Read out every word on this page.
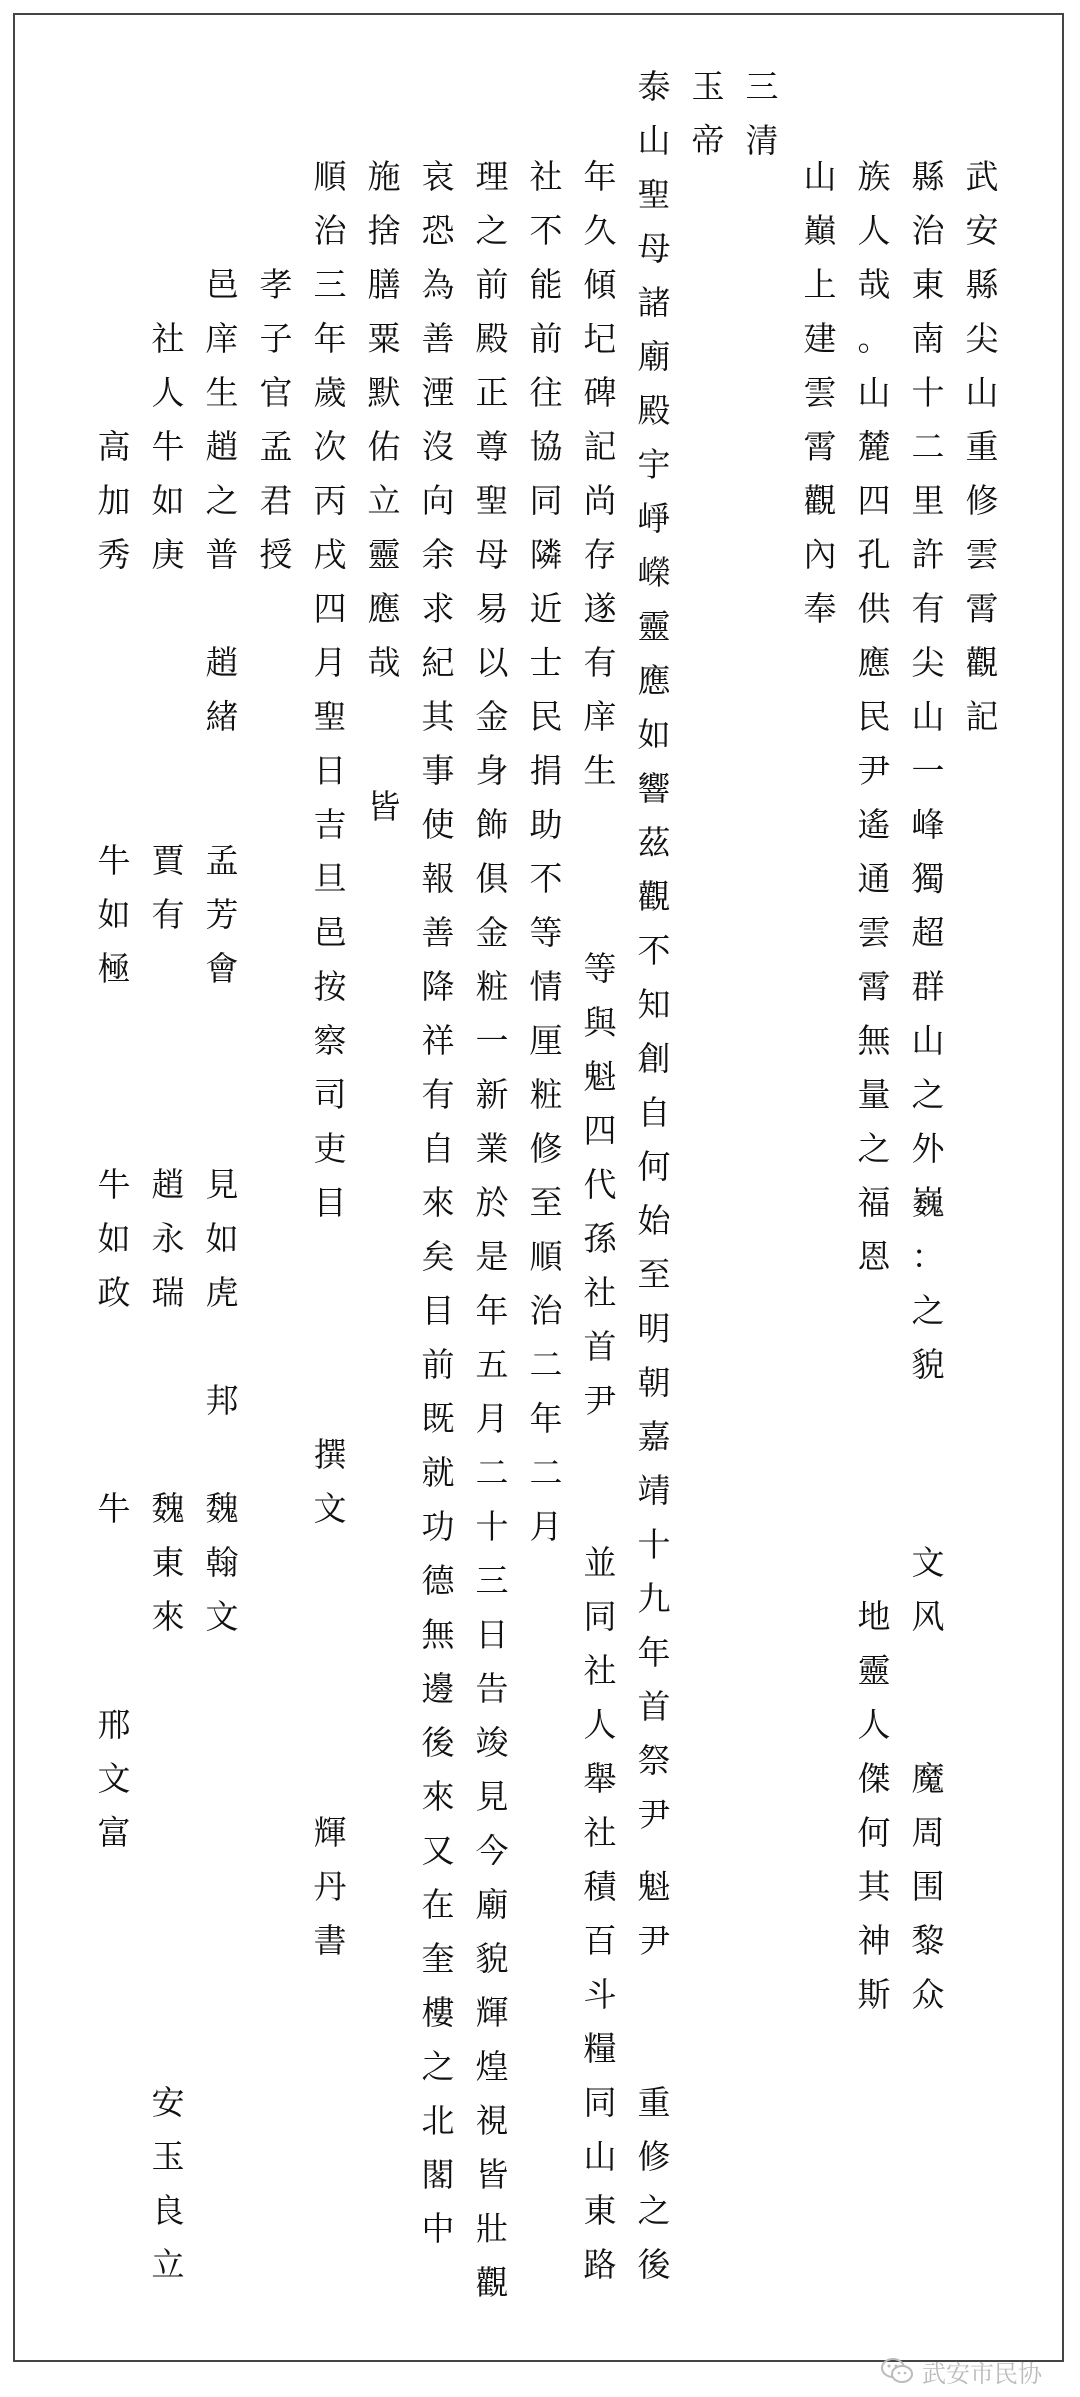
武
安
縣
尖
山
重
修
雲
霄
觀
記
縣
治
東
南
十
二
里
許
有
尖
山
一
峰
獨
超
群
山
之
外
巍
：
之
貌
族
人
哉
。
山
麓
四
孔
供
應
民
尹
遙
通
雲
霄
無
量
之
福
恩
山
巔
上
建
雲
霄
觀
內
奉
三
清
玉
帝
泰
山
聖
母
諸
廟
殿
宇
崢
嶸
靈
應
如
響
茲
觀
不
知
創
自
何
始
至
明
朝
嘉
靖
十
九
年
首
祭
尹
年
久
傾
圮
碑
記
尚
存
遂
有
庠
生
社
不
能
前
往
協
同
隣
近
士
民
捐
助
不
等
情
厘
粧
修
至
順
治
二
年
二
月
理
之
前
殿
正
尊
聖
母
易
以
金
身
飾
俱
金
粧
一
新
業
於
是
年
五
月
二
十
三
日
告
竣
見
今
廟
貌
輝
煌
視
皆
壯
觀
哀
恐
為
善
湮
沒
向
余
求
紀
其
事
使
報
善
降
祥
有
自
來
矣
目
前
既
就
功
德
無
邊
後
來
又
在
奎
樓
之
北
閣
中
施
捨
膳
粟
默
佑
立
靈
應
哉
順
治
三
年
歲
次
丙
戌
四
月
聖
日
吉
旦
邑
按
察
司
吏
目
孝
子
官
孟
君
授
邑
庠
生
趙
之
普
社
人
牛
如
庚
高
加
秀
皆
趙
緒
等
與
魁
四
代
孫
社
首
尹
並
同
社
人
舉
社
積
百
斗
糧
同
山
東
路
魁
尹
重
修
之
後
孟
芳
會
賈
有
牛
如
極
見
如
虎
趙
永
瑞
牛
如
政
邦
撰
文
魏
翰
文
魏
東
來
牛
文
风
地
靈
人
傑
何
其
神
斯
魔
周
围
黎
众
邢
文
富	輝
丹
書
安
玉
良
立
武安市民协
